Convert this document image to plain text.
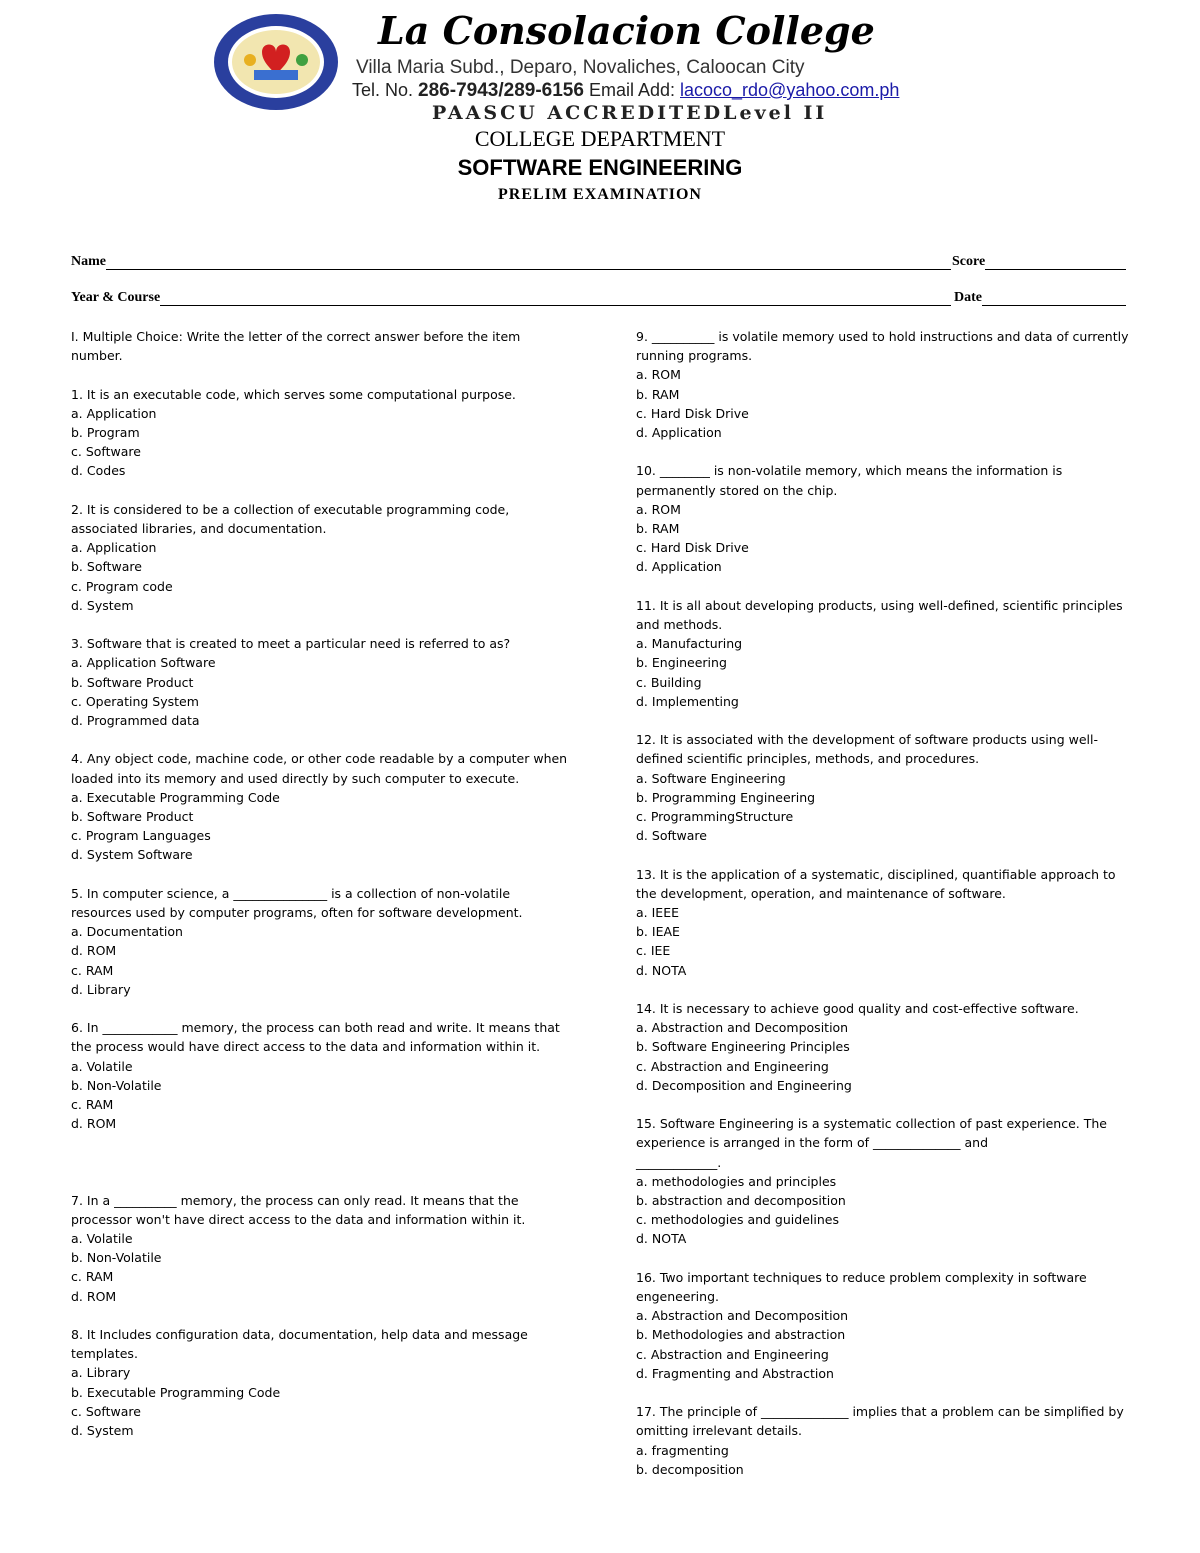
La Consolacion College
Villa Maria Subd., Deparo, Novaliches, Caloocan City
Tel. No. 286-7943/289-6156 Email Add: lacoco_rdo@yahoo.com.ph
PAASCU ACCREDITEDLevel II
COLLEGE DEPARTMENT
SOFTWARE ENGINEERING
PRELIM EXAMINATION
Name	Score
Year & Course	Date

I. Multiple Choice: Write the letter of the correct answer before the item number.

1. It is an executable code, which serves some computational purpose.

a. Application
b. Program
c. Software
d. Codes

2. It is considered to be a collection of executable programming code, associated libraries, and documentation.

a. Application
b. Software
c. Program code
d. System

3. Software that is created to meet a particular need is referred to as?

a. Application Software
b. Software Product
c. Operating System
d. Programmed data

4. Any object code, machine code, or other code readable by a computer when loaded into its memory and used directly by such computer to execute.

a. Executable Programming Code
b. Software Product
c. Program Languages
d. System Software

5. In computer science, a _______________ is a collection of non-volatile resources used by computer programs, often for software development.

a. Documentation
d. ROM
c. RAM
d. Library

6. In ____________ memory, the process can both read and write. It means that the process would have direct access to the data and information within it.

a. Volatile
b. Non-Volatile
c. RAM
d. ROM

7. In a __________ memory, the process can only read. It means that the processor won't have direct access to the data and information within it.

a. Volatile
b. Non-Volatile
c. RAM
d. ROM

8. It Includes configuration data, documentation, help data and message templates.

a. Library
b. Executable Programming Code
c. Software
d. System

9. __________ is volatile memory used to hold instructions and data of currently running programs.

a. ROM
b. RAM
c. Hard Disk Drive
d. Application

10. ________ is non-volatile memory, which means the information is permanently stored on the chip.

a. ROM
b. RAM
c. Hard Disk Drive
d. Application

11. It is all about developing products, using well-defined, scientific principles and methods.

a. Manufacturing
b. Engineering
c. Building
d. Implementing

12. It is associated with the development of software products using well-defined scientific principles, methods, and procedures.

a. Software Engineering
b. Programming Engineering
c. ProgrammingStructure
d. Software

13. It is the application of a systematic, disciplined, quantifiable approach to the development, operation, and maintenance of software.

a. IEEE
b. IEAE
c. IEE
d. NOTA

14. It is necessary to achieve good quality and cost-effective software.

a. Abstraction and Decomposition
b. Software Engineering Principles
c. Abstraction and Engineering
d. Decomposition and Engineering

15. Software Engineering is a systematic collection of past experience. The experience is arranged in the form of ______________ and

_____________.
a. methodologies and principles
b. abstraction and decomposition
c. methodologies and guidelines
d. NOTA

16. Two important techniques to reduce problem complexity in software engeneering.

a. Abstraction and Decomposition
b. Methodologies and abstraction
c. Abstraction and Engineering
d. Fragmenting and Abstraction

17. The principle of ______________ implies that a problem can be simplified by omitting irrelevant details.

a. fragmenting
b. decomposition
